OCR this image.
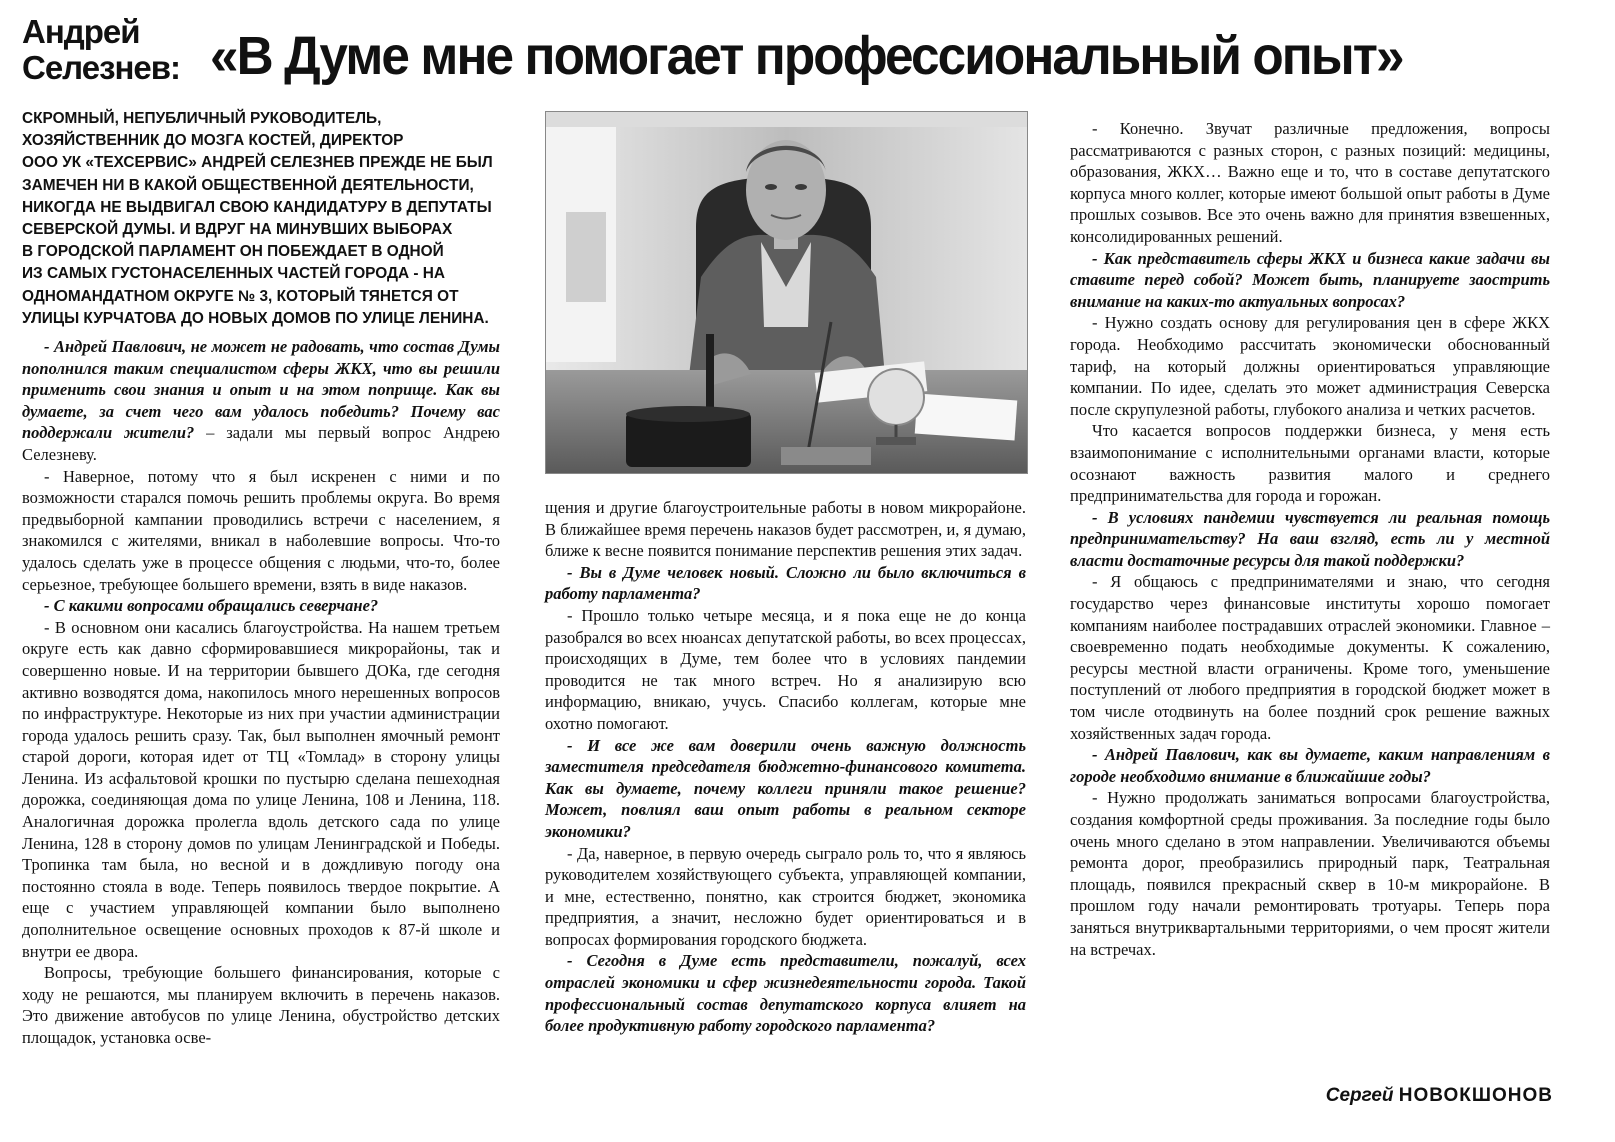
Андрей
Селезнев: «В Думе мне помогает профессиональный опыт»
СКРОМНЫЙ, НЕПУБЛИЧНЫЙ РУКОВОДИТЕЛЬ,
ХОЗЯЙСТВЕННИК ДО МОЗГА КОСТЕЙ, ДИРЕКТОР
ООО УК «ТЕХСЕРВИС» АНДРЕЙ СЕЛЕЗНЕВ ПРЕЖДЕ НЕ БЫЛ
ЗАМЕЧЕН НИ В КАКОЙ ОБЩЕСТВЕННОЙ ДЕЯТЕЛЬНОСТИ,
НИКОГДА НЕ ВЫДВИГАЛ СВОЮ КАНДИДАТУРУ В ДЕПУТАТЫ
СЕВЕРСКОЙ ДУМЫ. И ВДРУГ НА МИНУВШИХ ВЫБОРАХ
В ГОРОДСКОЙ ПАРЛАМЕНТ ОН ПОБЕЖДАЕТ В ОДНОЙ
ИЗ САМЫХ ГУСТОНАСЕЛЕННЫХ ЧАСТЕЙ ГОРОДА - НА
ОДНОМАНДАТНОМ ОКРУГЕ № 3, КОТОРЫЙ ТЯНЕТСЯ ОТ
УЛИЦЫ КУРЧАТОВА ДО НОВЫХ ДОМОВ ПО УЛИЦЕ ЛЕНИНА.

- Андрей Павлович, не может не радовать, что состав Думы пополнился таким специалистом сферы ЖКХ, что вы решили применить свои знания и опыт и на этом поприще. Как вы думаете, за счет чего вам удалось победить? Почему вас поддержали жители? – задали мы первый вопрос Андрею Селезневу.

- Наверное, потому что я был искренен с ними и по возможности старался помочь решить проблемы округа. Во время предвыборной кампании проводились встречи с населением, я знакомился с жителями, вникал в наболевшие вопросы. Что-то удалось сделать уже в процессе общения с людьми, что-то, более серьезное, требующее большего времени, взять в виде наказов.

- С какими вопросами обращались северчане?

- В основном они касались благоустройства. На нашем третьем округе есть как давно сформировавшиеся микрорайоны, так и совершенно новые. И на территории бывшего ДОКа, где сегодня активно возводятся дома, накопилось много нерешенных вопросов по инфраструктуре. Некоторые из них при участии администрации города удалось решить сразу. Так, был выполнен ямочный ремонт старой дороги, которая идет от ТЦ «Томлад» в сторону улицы Ленина. Из асфальтовой крошки по пустырю сделана пешеходная дорожка, соединяющая дома по улице Ленина, 108 и Ленина, 118. Аналогичная дорожка пролегла вдоль детского сада по улице Ленина, 128 в сторону домов по улицам Ленинградской и Победы. Тропинка там была, но весной и в дождливую погоду она постоянно стояла в воде. Теперь появилось твердое покрытие. А еще с участием управляющей компании было выполнено дополнительное освещение основных проходов к 87-й школе и внутри ее двора.

Вопросы, требующие большего финансирования, которые с ходу не решаются, мы планируем включить в перечень наказов. Это движение автобусов по улице Ленина, обустройство детских площадок, установка осве-

щения и другие благоустроительные работы в новом микрорайоне. В ближайшее время перечень наказов будет рассмотрен, и, я думаю, ближе к весне появится понимание перспектив решения этих задач.

- Вы в Думе человек новый. Сложно ли было включиться в работу парламента?

- Прошло только четыре месяца, и я пока еще не до конца разобрался во всех нюансах депутатской работы, во всех процессах, происходящих в Думе, тем более что в условиях пандемии проводится не так много встреч. Но я анализирую всю информацию, вникаю, учусь. Спасибо коллегам, которые мне охотно помогают.

- И все же вам доверили очень важную должность заместителя председателя бюджетно-финансового комитета. Как вы думаете, почему коллеги приняли такое решение? Может, повлиял ваш опыт работы в реальном секторе экономики?

- Да, наверное, в первую очередь сыграло роль то, что я являюсь руководителем хозяйствующего субъекта, управляющей компании, и мне, естественно, понятно, как строится бюджет, экономика предприятия, а значит, несложно будет ориентироваться и в вопросах формирования городского бюджета.

- Сегодня в Думе есть представители, пожалуй, всех отраслей экономики и сфер жизнедеятельности города. Такой профессиональный состав депутатского корпуса влияет на более продуктивную работу городского парламента?

- Конечно. Звучат различные предложения, вопросы рассматриваются с разных сторон, с разных позиций: медицины, образования, ЖКХ… Важно еще и то, что в составе депутатского корпуса много коллег, которые имеют большой опыт работы в Думе прошлых созывов. Все это очень важно для принятия взвешенных, консолидированных решений.

- Как представитель сферы ЖКХ и бизнеса какие задачи вы ставите перед собой? Может быть, планируете заострить внимание на каких-то актуальных вопросах?

- Нужно создать основу для регулирования цен в сфере ЖКХ города. Необходимо рассчитать экономически обоснованный тариф, на который должны ориентироваться управляющие компании. По идее, сделать это может администрация Северска после скрупулезной работы, глубокого анализа и четких расчетов.

Что касается вопросов поддержки бизнеса, у меня есть взаимопонимание с исполнительными органами власти, которые осознают важность развития малого и среднего предпринимательства для города и горожан.

- В условиях пандемии чувствуется ли реальная помощь предпринимательству? На ваш взгляд, есть ли у местной власти достаточные ресурсы для такой поддержки?

- Я общаюсь с предпринимателями и знаю, что сегодня государство через финансовые институты хорошо помогает компаниям наиболее пострадавших отраслей экономики. Главное – своевременно подать необходимые документы. К сожалению, ресурсы местной власти ограничены. Кроме того, уменьшение поступлений от любого предприятия в городской бюджет может в том числе отодвинуть на более поздний срок решение важных хозяйственных задач города.

- Андрей Павлович, как вы думаете, каким направлениям в городе необходимо внимание в ближайшие годы?

- Нужно продолжать заниматься вопросами благоустройства, создания комфортной среды проживания. За последние годы было очень много сделано в этом направлении. Увеличиваются объемы ремонта дорог, преобразились природный парк, Театральная площадь, появился прекрасный сквер в 10-м микрорайоне. В прошлом году начали ремонтировать тротуары. Теперь пора заняться внутриквартальными территориями, о чем просят жители на встречах.

Сергей НОВОКШОНОВ
